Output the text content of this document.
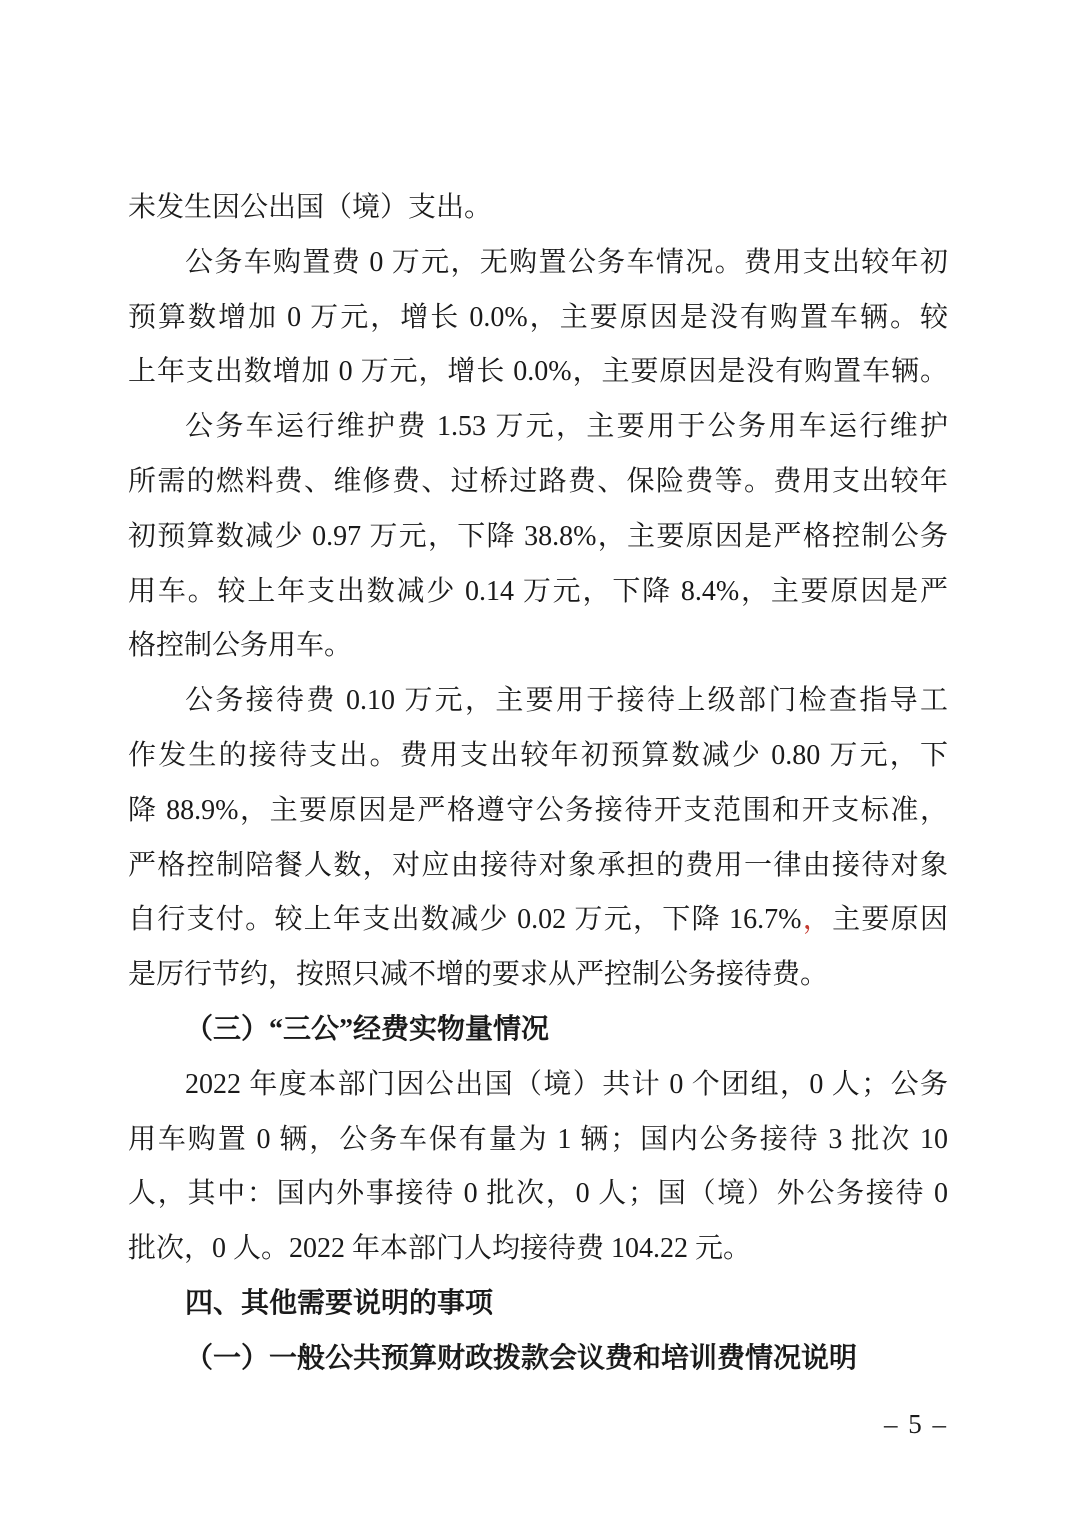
未发生因公出国（境）支出。
公务车购置费 0 万元，无购置公务车情况。费用支出较年初
预算数增加 0 万元，增长 0.0%，主要原因是没有购置车辆。较
上年支出数增加 0 万元，增长 0.0%，主要原因是没有购置车辆。
公务车运行维护费 1.53 万元，主要用于公务用车运行维护
所需的燃料费、维修费、过桥过路费、保险费等。费用支出较年
初预算数减少 0.97 万元，下降 38.8%，主要原因是严格控制公务
用车。较上年支出数减少 0.14 万元，下降 8.4%，主要原因是严
格控制公务用车。
公务接待费 0.10 万元，主要用于接待上级部门检查指导工
作发生的接待支出。费用支出较年初预算数减少 0.80 万元，下
降 88.9%，主要原因是严格遵守公务接待开支范围和开支标准，
严格控制陪餐人数，对应由接待对象承担的费用一律由接待对象
自行支付。较上年支出数减少 0.02 万元，下降 16.7%，主要原因
是厉行节约，按照只减不增的要求从严控制公务接待费。
（三）“三公”经费实物量情况
2022 年度本部门因公出国（境）共计 0 个团组，0 人；公务
用车购置 0 辆，公务车保有量为 1 辆；国内公务接待 3 批次 10
人，其中：国内外事接待 0 批次，0 人；国（境）外公务接待 0
批次，0 人。2022 年本部门人均接待费 104.22 元。
四、其他需要说明的事项
（一）一般公共预算财政拨款会议费和培训费情况说明
– 5 –
